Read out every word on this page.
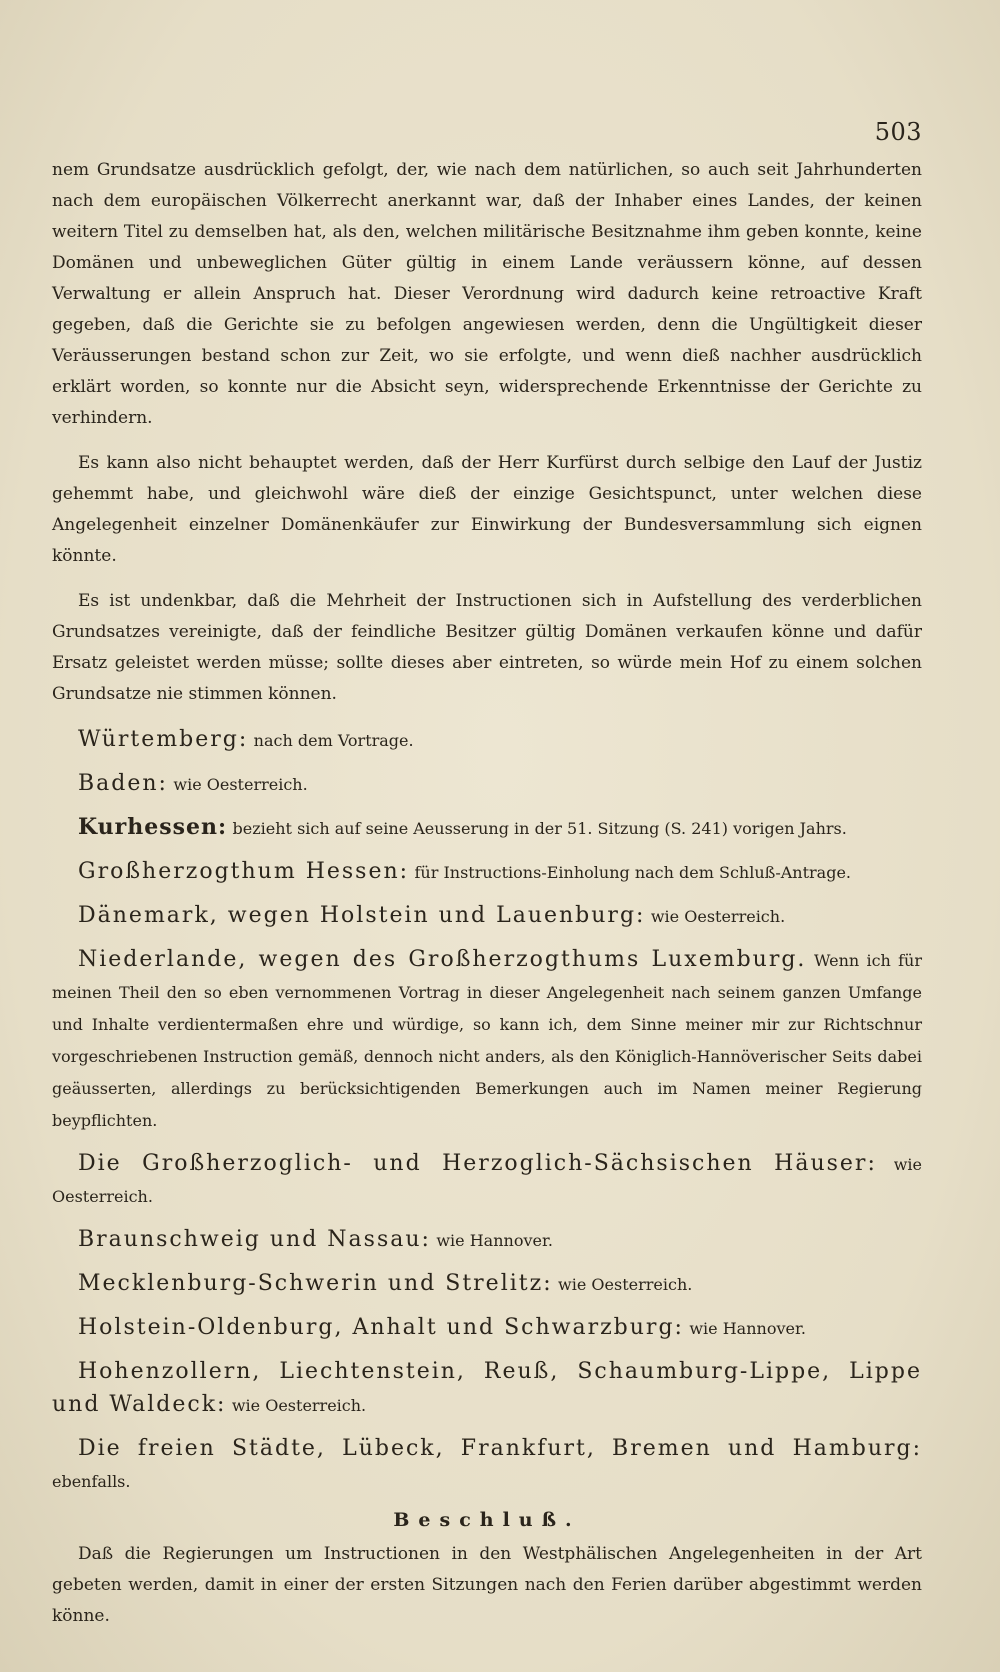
503

nem Grundsatze ausdrücklich gefolgt, der, wie nach dem natürlichen, so auch seit Jahrhunderten nach dem europäischen Völkerrecht anerkannt war, daß der Inhaber eines Landes, der keinen weitern Titel zu demselben hat, als den, welchen militärische Besitznahme ihm geben konnte, keine Domänen und unbeweglichen Güter gültig in einem Lande veräussern könne, auf dessen Verwaltung er allein Anspruch hat. Dieser Verordnung wird dadurch keine retroactive Kraft gegeben, daß die Gerichte sie zu befolgen angewiesen werden, denn die Ungültigkeit dieser Veräusserungen bestand schon zur Zeit, wo sie erfolgte, und wenn dieß nachher ausdrücklich erklärt worden, so konnte nur die Absicht seyn, widersprechende Erkenntnisse der Gerichte zu verhindern.

Es kann also nicht behauptet werden, daß der Herr Kurfürst durch selbige den Lauf der Justiz gehemmt habe, und gleichwohl wäre dieß der einzige Gesichtspunct, unter welchen diese Angelegenheit einzelner Domänenkäufer zur Einwirkung der Bundesversammlung sich eignen könnte.

Es ist undenkbar, daß die Mehrheit der Instructionen sich in Aufstellung des verderblichen Grundsatzes vereinigte, daß der feindliche Besitzer gültig Domänen verkaufen könne und dafür Ersatz geleistet werden müsse; sollte dieses aber eintreten, so würde mein Hof zu einem solchen Grundsatze nie stimmen können.

Würtemberg: nach dem Vortrage.

Baden: wie Oesterreich.

Kurhessen: bezieht sich auf seine Aeusserung in der 51. Sitzung (S. 241) vorigen Jahrs.

Großherzogthum Hessen: für Instructions-Einholung nach dem Schluß-Antrage.

Dänemark, wegen Holstein und Lauenburg: wie Oesterreich.

Niederlande, wegen des Großherzogthums Luxemburg. Wenn ich für meinen Theil den so eben vernommenen Vortrag in dieser Angelegenheit nach seinem ganzen Umfange und Inhalte verdientermaßen ehre und würdige, so kann ich, dem Sinne meiner mir zur Richtschnur vorgeschriebenen Instruction gemäß, dennoch nicht anders, als den Königlich-Hannöverischer Seits dabei geäusserten, allerdings zu berücksichtigenden Bemerkungen auch im Namen meiner Regierung beypflichten.

Die Großherzoglich- und Herzoglich-Sächsischen Häuser: wie Oesterreich.

Braunschweig und Nassau: wie Hannover.

Mecklenburg-Schwerin und Strelitz: wie Oesterreich.

Holstein-Oldenburg, Anhalt und Schwarzburg: wie Hannover.

Hohenzollern, Liechtenstein, Reuß, Schaumburg-Lippe, Lippe und Waldeck: wie Oesterreich.

Die freien Städte, Lübeck, Frankfurt, Bremen und Hamburg: ebenfalls.

Beschluß.

Daß die Regierungen um Instructionen in den Westphälischen Angelegenheiten in der Art gebeten werden, damit in einer der ersten Sitzungen nach den Ferien darüber abgestimmt werden könne.
